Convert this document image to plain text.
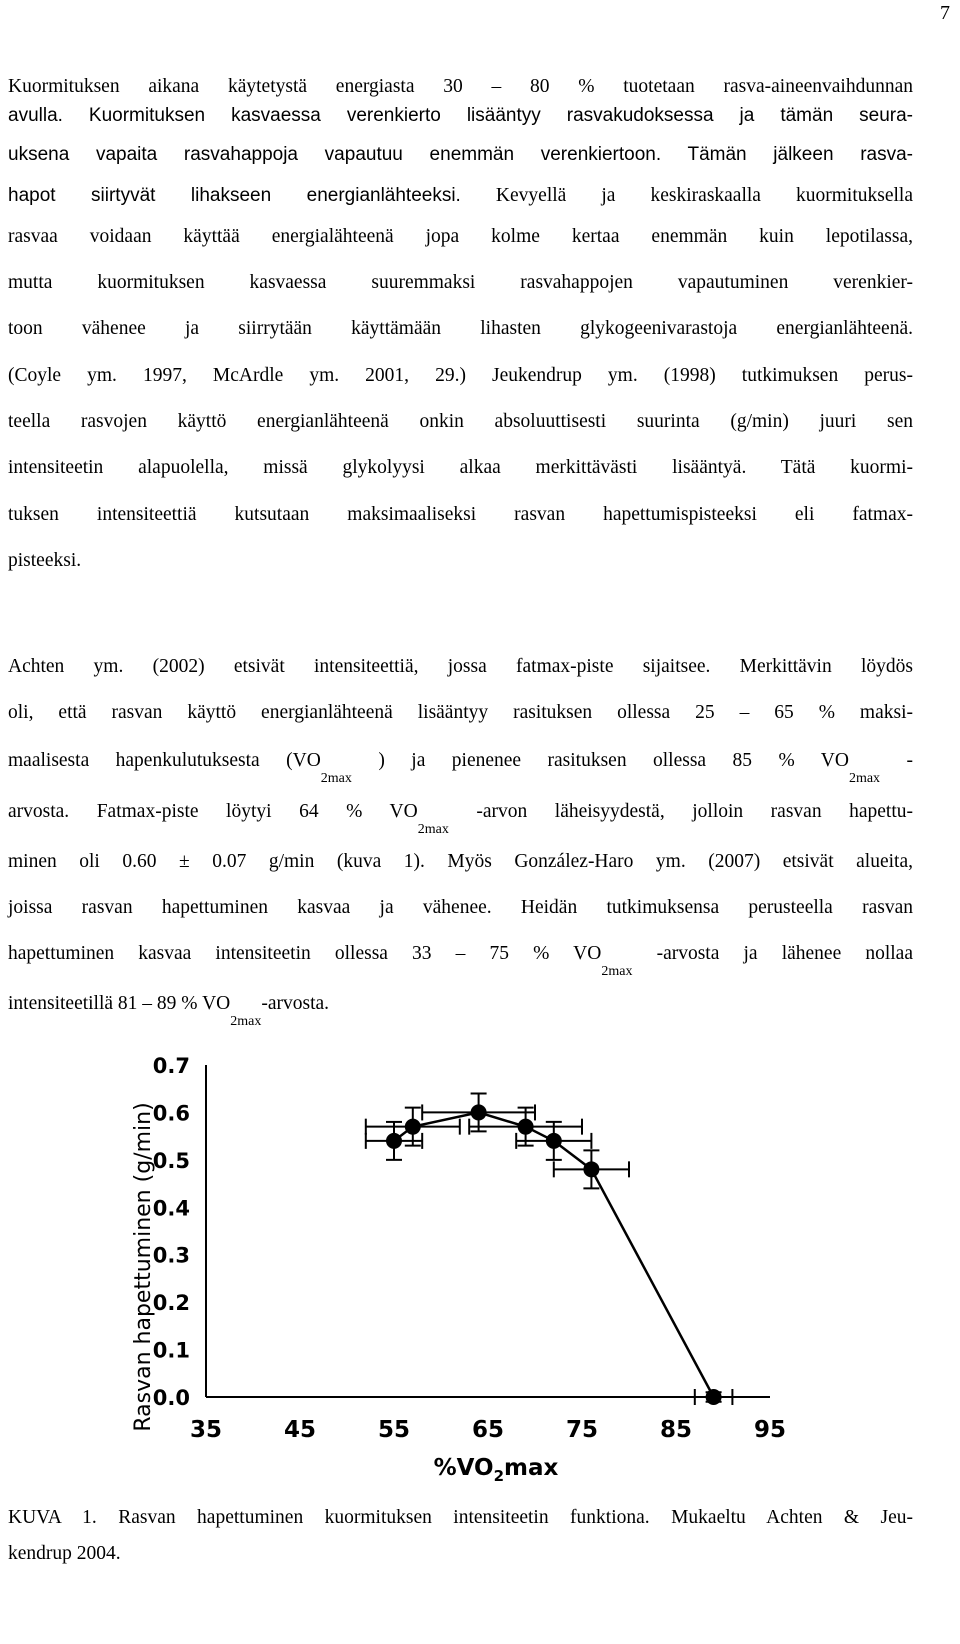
7
Kuormituksen aikana käytetystä energiasta 30 – 80 % tuotetaan rasva-aineenvaihdunnan
avulla. Kuormituksen kasvaessa verenkierto lisääntyy rasvakudoksessa ja tämän seura-
uksena vapaita rasvahappoja vapautuu enemmän verenkiertoon. Tämän jälkeen rasva-
hapot siirtyvät lihakseen energianlähteeksi. Kevyellä ja keskiraskaalla kuormituksella
rasvaa voidaan käyttää energialähteenä jopa kolme kertaa enemmän kuin lepotilassa,
mutta kuormituksen kasvaessa suuremmaksi rasvahappojen vapautuminen verenkier-
toon vähenee ja siirrytään käyttämään lihasten glykogeenivarastoja energianlähteenä.
(Coyle ym. 1997, McArdle ym. 2001, 29.) Jeukendrup ym. (1998) tutkimuksen perus-
teella rasvojen käyttö energianlähteenä onkin absoluuttisesti suurinta (g/min) juuri sen
intensiteetin alapuolella, missä glykolyysi alkaa merkittävästi lisääntyä. Tätä kuormi-
tuksen intensiteettiä kutsutaan maksimaaliseksi rasvan hapettumispisteeksi eli fatmax-
pisteeksi.
Achten ym. (2002) etsivät intensiteettiä, jossa fatmax-piste sijaitsee. Merkittävin löydös
oli, että rasvan käyttö energianlähteenä lisääntyy rasituksen ollessa 25 – 65 % maksi-
maalisesta hapenkulutuksesta ($VO_{2max}$ ) ja pienenee rasituksen ollessa 85 % $VO_{2max}$ -
arvosta. Fatmax-piste löytyi 64 % $VO_{2max}$ -arvon läheisyydestä, jolloin rasvan hapettu-
minen oli 0.60 ± 0.07 g/min (kuva 1). Myös González-Haro ym. (2007) etsivät alueita,
joissa rasvan hapettuminen kasvaa ja vähenee. Heidän tutkimuksensa perusteella rasvan
hapettuminen kasvaa intensiteetin ollessa 33 – 75 % $VO_{2max}$ -arvosta ja lähenee nollaa
intensiteetillä 81 – 89 % $VO_{2max}$-arvosta.
Rasvan hapettuminen (g/min)
$\%VO_2\max$
0.0
0.1
0.2
0.3
0.4
0.5
0.6
0.7
35	45	55	65	75	85	95
KUVA 1. Rasvan hapettuminen kuormituksen intensiteetin funktiona. Mukaeltu Achten & Jeu-
kendrup 2004.
